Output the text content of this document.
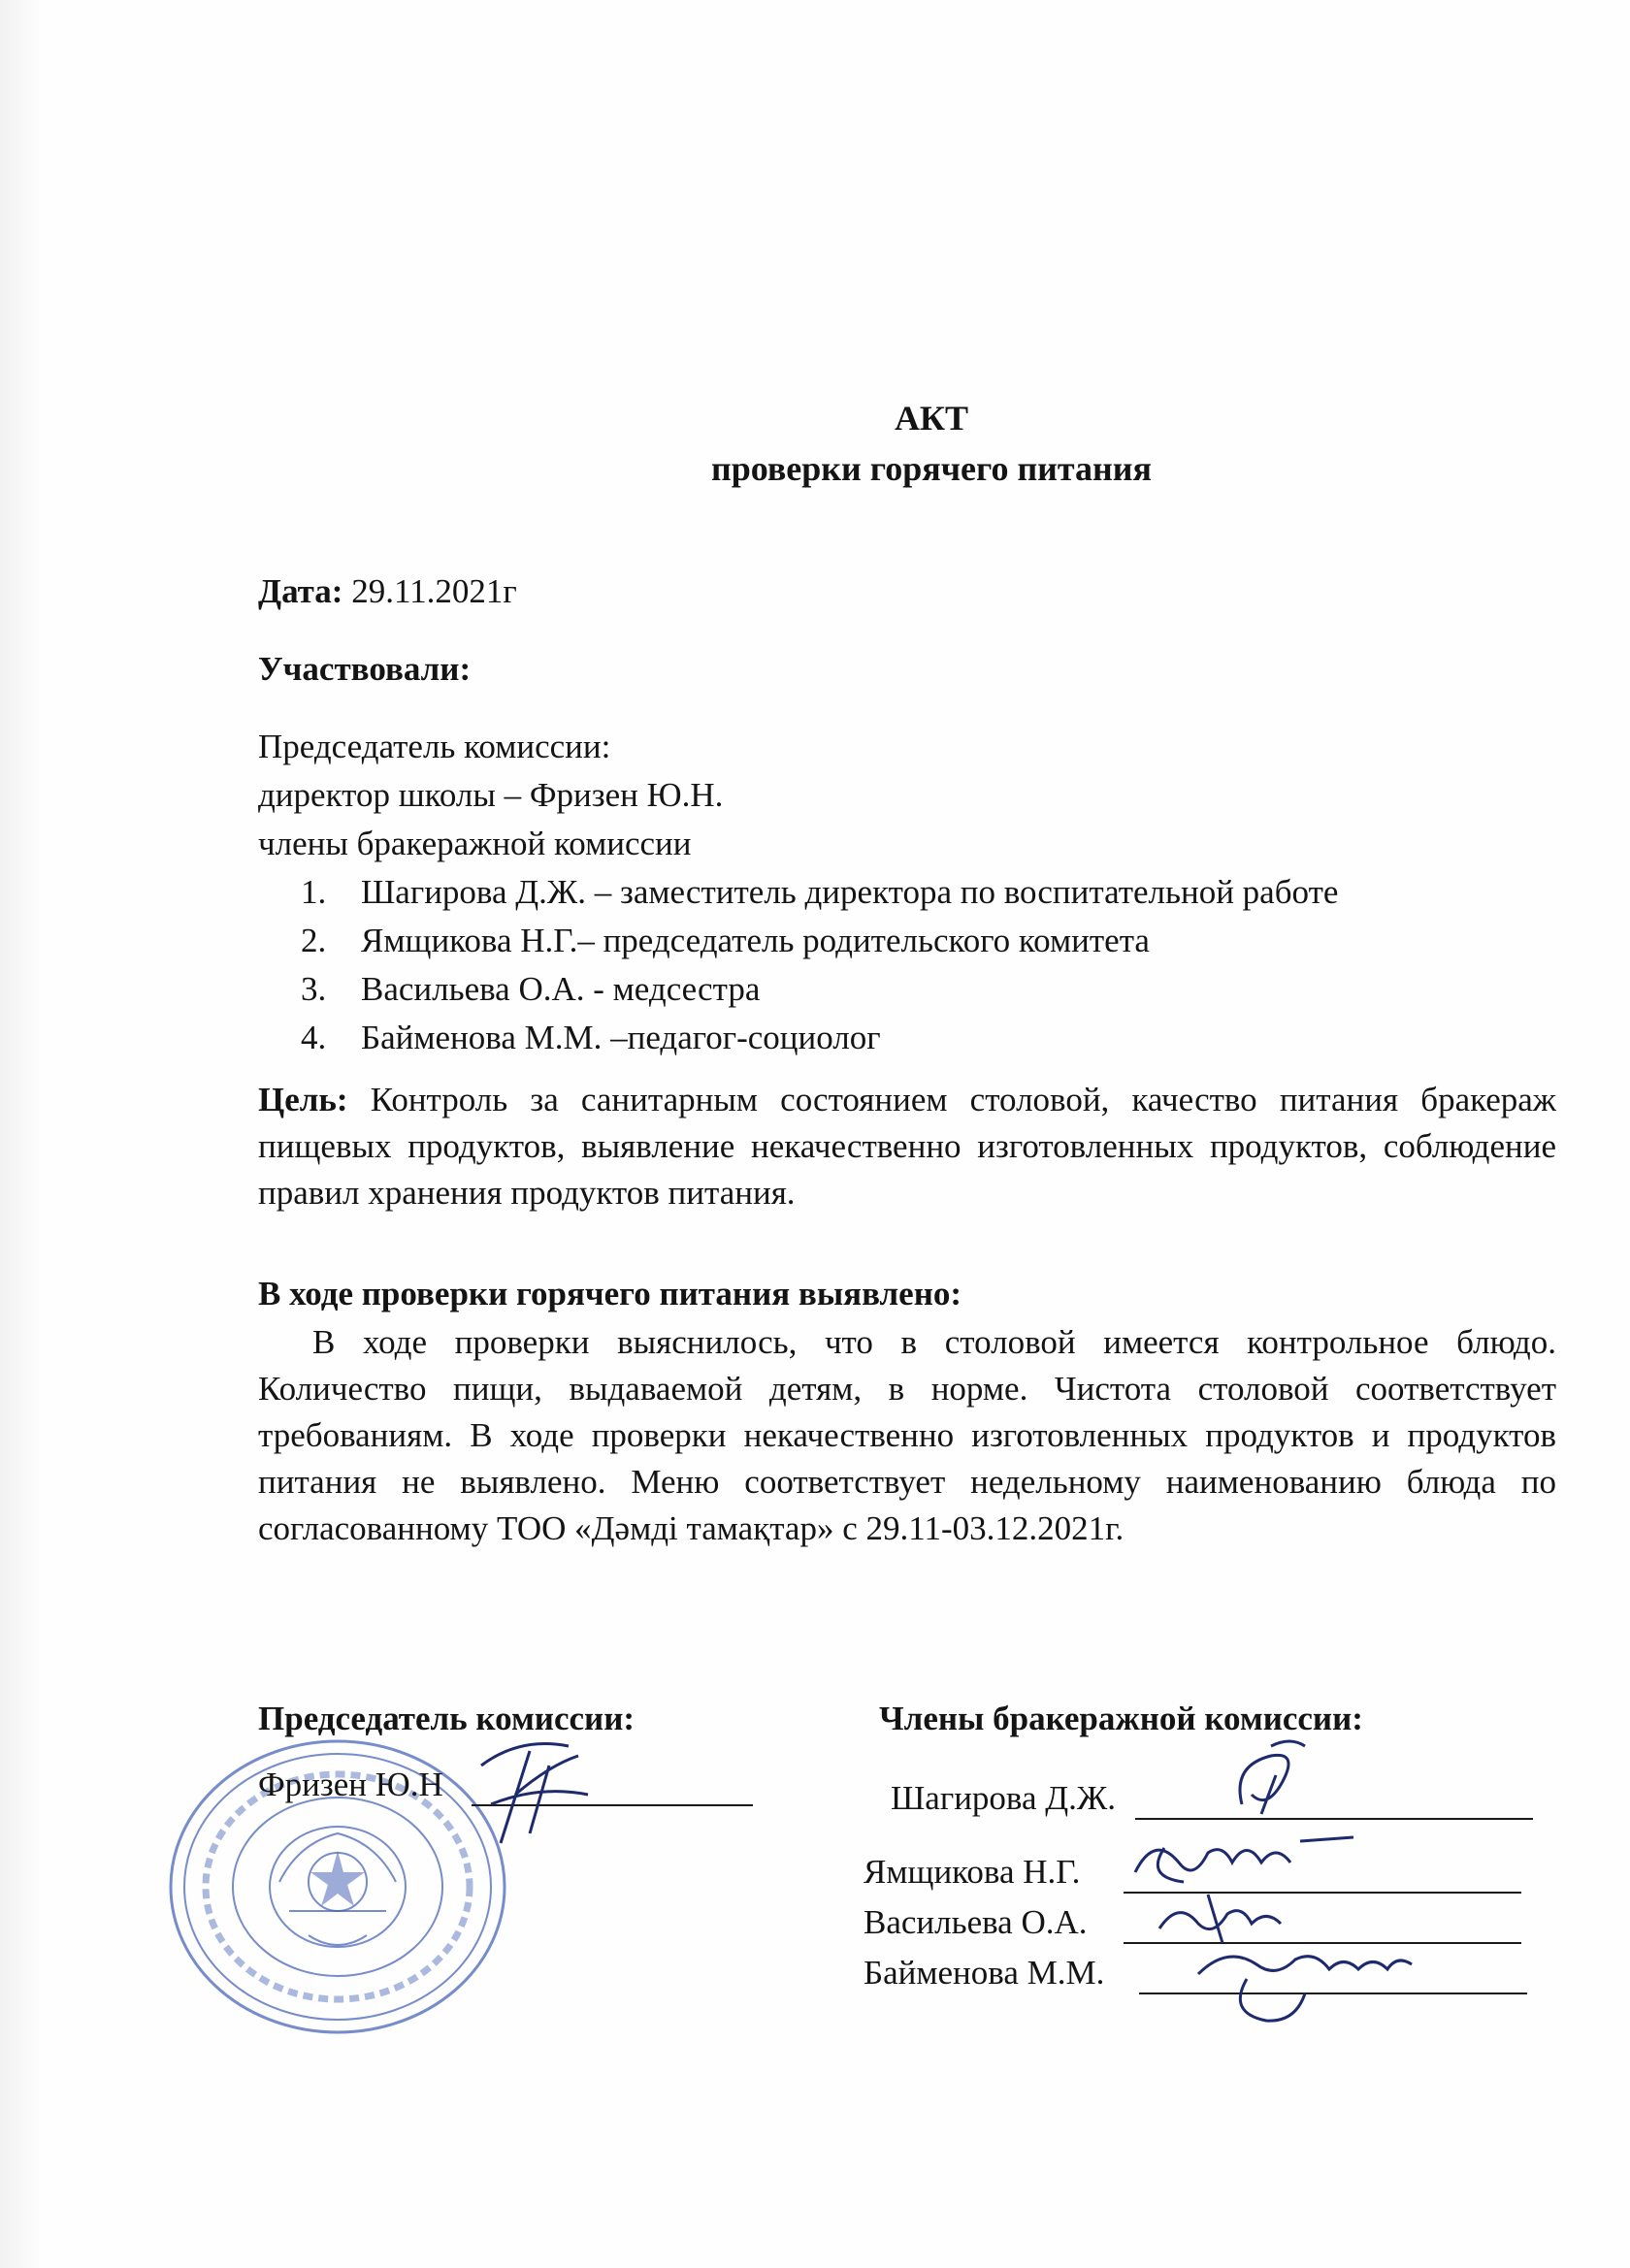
АКТ
проверки горячего питания
Дата: 29.11.2021г
Участвовали:
Председатель комиссии:
директор школы – Фризен Ю.Н.
члены бракеражной комиссии
1. Шагирова Д.Ж. – заместитель директора по воспитательной работе
2. Ямщикова Н.Г.– председатель родительского комитета
3. Васильева О.А. - медсестра
4. Байменова М.М. –педагог-социолог
Цель: Контроль за санитарным состоянием столовой, качество питания бракераж пищевых продуктов, выявление некачественно изготовленных продуктов, соблюдение правил хранения продуктов питания.
В ходе проверки горячего питания выявлено:
В ходе проверки выяснилось, что в столовой имеется контрольное блюдо. Количество пищи, выдаваемой детям, в норме. Чистота столовой соответствует требованиям. В ходе проверки некачественно изготовленных продуктов и продуктов питания не выявлено. Меню соответствует недельному наименованию блюда по согласованному ТОО «Дәмді тамақтар» с 29.11-03.12.2021г.
Председатель комиссии:	Члены бракеражной комиссии:
Фризен Ю.Н	Шагирова Д.Ж.
Ямщикова Н.Г.
Васильева О.А.
Байменова М.М.
